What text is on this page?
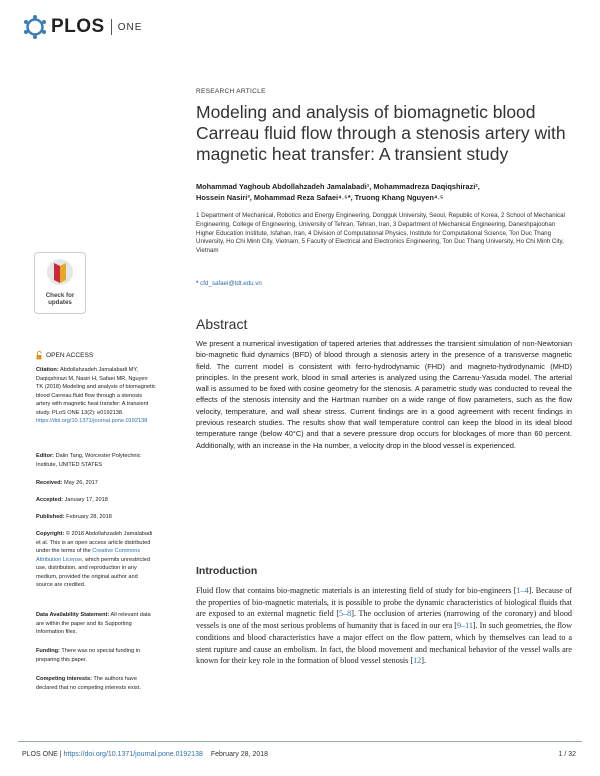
PLOS ONE
Check for
updates
OPEN ACCESS
Citation: Abdollahzadeh Jamalabadi MY, Daqiqshirazi M, Nasiri H, Safaei MR, Nguyen TK (2018) Modeling and analysis of biomagnetic blood Carreau fluid flow through a stenosis artery with magnetic heat transfer: A transient study. PLoS ONE 13(2): e0192138. https://doi.org/10.1371/journal.pone.0192138
Editor: Dalin Tang, Worcester Polytechnic Institute, UNITED STATES
Received: May 26, 2017
Accepted: January 17, 2018
Published: February 28, 2018
Copyright: © 2018 Abdollahzadeh Jamalabadi et al. This is an open access article distributed under the terms of the Creative Commons Attribution License, which permits unrestricted use, distribution, and reproduction in any medium, provided the original author and source are credited.
Data Availability Statement: All relevant data are within the paper and its Supporting Information files.
Funding: There was no special funding in preparing this paper.
Competing interests: The authors have declared that no competing interests exist.
RESEARCH ARTICLE
Modeling and analysis of biomagnetic blood Carreau fluid flow through a stenosis artery with magnetic heat transfer: A transient study
Mohammad Yaghoub Abdollahzadeh Jamalabadi¹, Mohammadreza Daqiqshirazi²,
Hossein Nasiri³, Mohammad Reza Safaei⁴˒⁵*, Truong Khang Nguyen⁴˒⁵
1 Department of Mechanical, Robotics and Energy Engineering, Dongguk University, Seoul, Republic of Korea, 2 School of Mechanical Engineering, College of Engineering, University of Tehran, Tehran, Iran, 3 Department of Mechanical Engineering, Daneshpajoohan Higher Education Institute, Isfahan, Iran, 4 Division of Computational Physics, Institute for Computational Science, Ton Duc Thang University, Ho Chi Minh City, Vietnam, 5 Faculty of Electrical and Electronics Engineering, Ton Duc Thang University, Ho Chi Minh City, Vietnam
* cfd_safaei@tdt.edu.vn
Abstract
We present a numerical investigation of tapered arteries that addresses the transient simulation of non-Newtonian bio-magnetic fluid dynamics (BFD) of blood through a stenosis artery in the presence of a transverse magnetic field. The current model is consistent with ferro-hydrodynamic (FHD) and magneto-hydrodynamic (MHD) principles. In the present work, blood in small arteries is analyzed using the Carreau-Yasuda model. The arterial wall is assumed to be fixed with cosine geometry for the stenosis. A parametric study was conducted to reveal the effects of the stenosis intensity and the Hartman number on a wide range of flow parameters, such as the flow velocity, temperature, and wall shear stress. Current findings are in a good agreement with recent findings in previous research studies. The results show that wall temperature control can keep the blood in its ideal blood temperature range (below 40°C) and that a severe pressure drop occurs for blockages of more than 60 percent. Additionally, with an increase in the Ha number, a velocity drop in the blood vessel is experienced.
Introduction
Fluid flow that contains bio-magnetic materials is an interesting field of study for bio-engineers [1–4]. Because of the properties of bio-magnetic materials, it is possible to probe the dynamic characteristics of biological fluids that are exposed to an external magnetic field [5–8]. The occlusion of arteries (narrowing of the coronary) and blood vessels is one of the most serious problems of humanity that is faced in our era [9–11]. In such geometries, the flow conditions and blood characteristics have a major effect on the flow pattern, which by themselves can lead to a stent rupture and cause an embolism. In fact, the blood movement and mechanical behavior of the vessel walls are known for their key role in the formation of blood vessel stenosis [12].
PLOS ONE | https://doi.org/10.1371/journal.pone.0192138 February 28, 2018	1 / 32
